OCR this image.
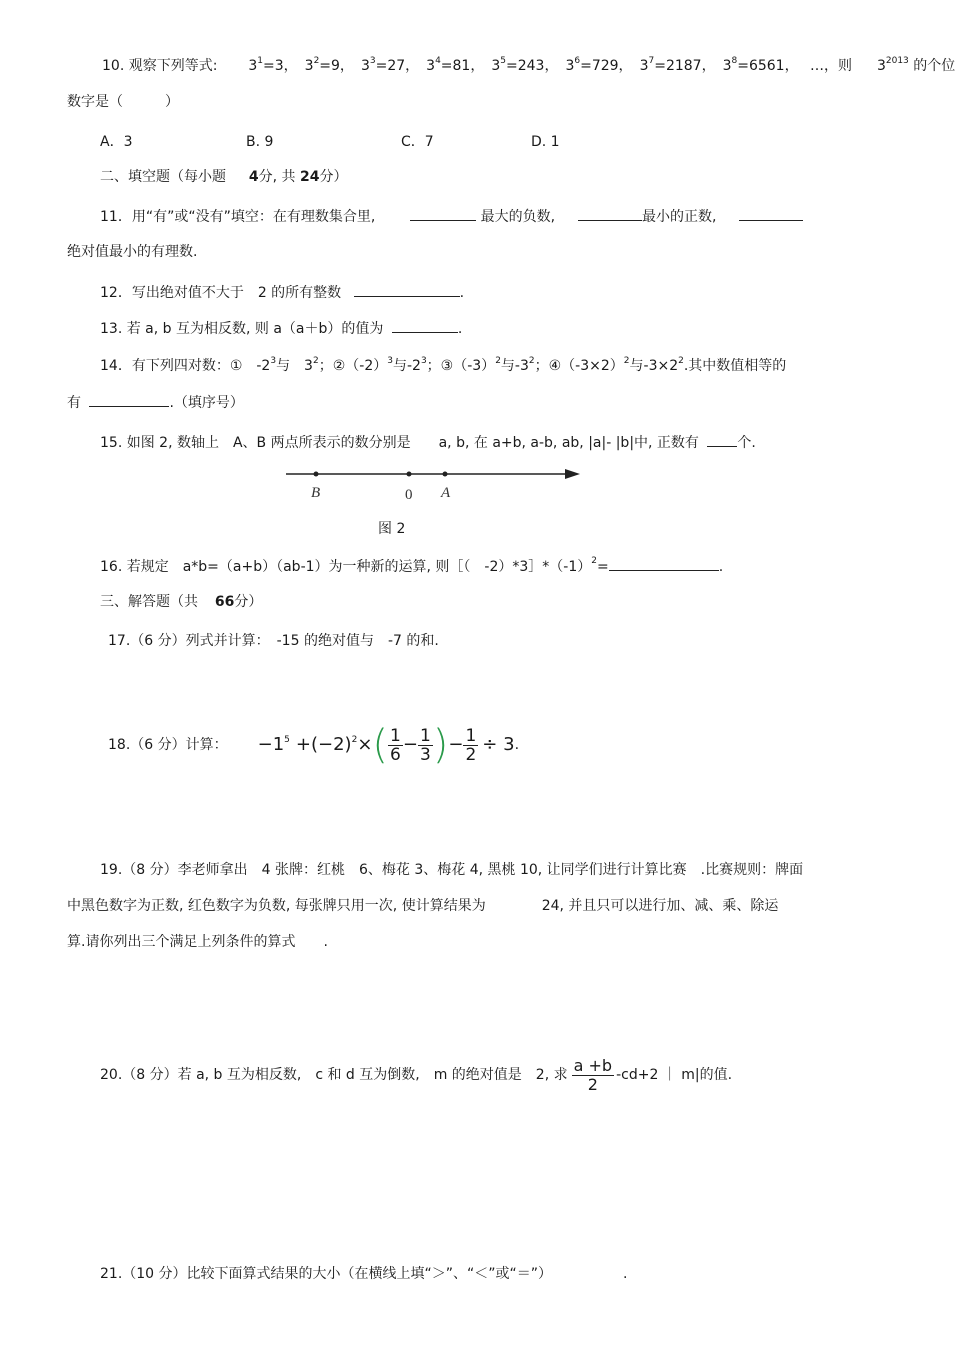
10. 观察下列等式: $3^1=3$， $3^2=9$， $3^3=27$， $3^4=81$， $3^5=243$， $3^6=729$， $3^7=2187$， $3^8=6561$， …，则 $3^{2013}$ 的个位
数字是（　　　）
A．3	B. 9	C．7	D. 1
二、填空题（每小题 4分, 共 24分）
11．用“有”或“没有”填空：在有理数集合里,	最大的负数,	最小的正数,
绝对值最小的有理数.
12．写出绝对值不大于　2 的所有整数	.
13. 若 a, b 互为相反数, 则 a（a＋b）的值为	.
14．有下列四对数：①　$-2^3$与　$3^2$；$②(-2)^3$与$-2^3$；$③(-3)^2$与$-3^2$；$④(-3\times 2)^2$与$-3\times 2^2$.其中数值相等的
有	.（填序号）
15. 如图 2, 数轴上　A、B 两点所表示的数分别是　　a, b, 在 a+b, a-b, ab, |a|- |b|中, 正数有	个.
B	0 A
图 2
16. 若规定　a*b=（a+b）（ab-1）为一种新的运算, 则［（　$-2)*3]*(-1)^2=$	.
三、解答题（共 66分）
17.（6 分）列式并计算：　-15 的绝对值与　-7 的和.
18.（6 分）计算： $-1^5 +(-2)^2$ × ( $\frac{1}{6} - \frac{1}{3}$ ) − $\frac{1}{2} \div 3$ .
19.（8 分）李老师拿出　4 张牌：红桃　6、梅花 3、梅花 4, 黑桃 10, 让同学们进行计算比赛　.比赛规则：牌面
中黑色数字为正数, 红色数字为负数, 每张牌只用一次, 使计算结果为　　　　24, 并且只可以进行加、减、乘、除运
算.请你列出三个满足上列条件的算式　　.
20.（8 分）若 a, b 互为相反数,　c 和 d 互为倒数,　m 的绝对值是　2, 求 $\frac{a +b}{2} -cd+2$ ｜ m|的值.
21.（10 分）比较下面算式结果的大小（在横线上填“＞”、“＜”或“＝”）	.
